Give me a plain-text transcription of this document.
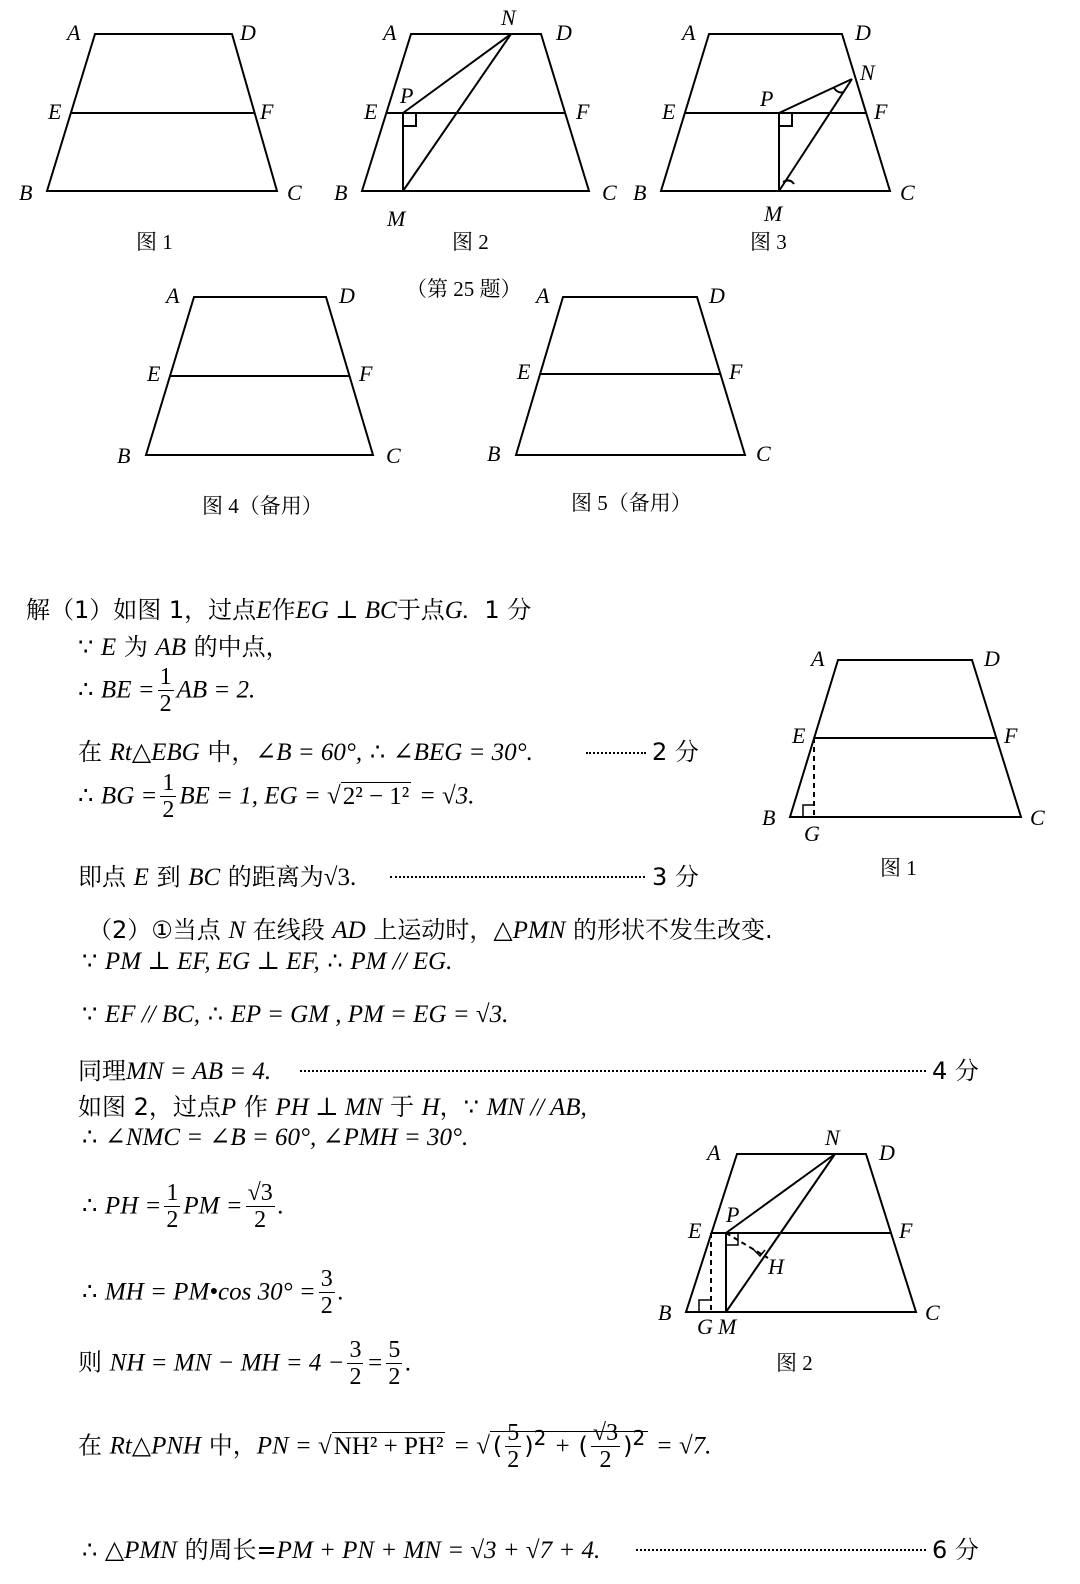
A	D
E	F
B	C
A
N
D
E
P
F
B	C
M
A	D
N
E
P
F
B	C
M
A	D
E	F
B	C
A	D
E	F
B	C
A	D
E	F
B	C
G
A
N
D
E
P
F
H
B	C
G M
图 1	图 2	图 3
（第 25 题）
图 4（备用）	图 5（备用）
图 1
图 2
解（1）如图 1，过点E作EG ⊥ BC于点G. 1 分
∵ E 为 AB 的中点，
∴ BE = $\frac{1}{2}$ AB = 2.
在 Rt△EBG 中，∠B = 60°, ∴ ∠BEG = 30°.	2 分
∴ BG = $\frac{1}{2}$ BE = 1, EG = √2² − 1² = √3.
即点 E 到 BC 的距离为√3.	3 分
（2）①当点 N 在线段 AD 上运动时，△PMN 的形状不发生改变.
∵ PM ⊥ EF, EG ⊥ EF, ∴ PM // EG.
∵ EF // BC, ∴ EP = GM , PM = EG = √3.
同理MN = AB = 4.	4 分
如图 2，过点P 作 PH ⊥ MN 于 H，∵ MN // AB,
∴ ∠NMC = ∠B = 60°, ∠PMH = 30°.
∴ PH = $\frac{1}{2}$ PM = $\frac{√3}{2}$ .
∴ MH = PM•cos $30^\circ = \frac{3}{2}$ .
则 NH = MN − MH = $4 - \frac{3}{2} = \frac{5}{2}$ .
在 Rt△PNH 中，PN = √NH² + PH² = √ ( $\frac{5}{2} )^2$ + ( $\frac{√3}{2} )^2 = √7$.
∴ △PMN 的周长=PM + PN + MN = √3 + √7 + 4.	6 分
